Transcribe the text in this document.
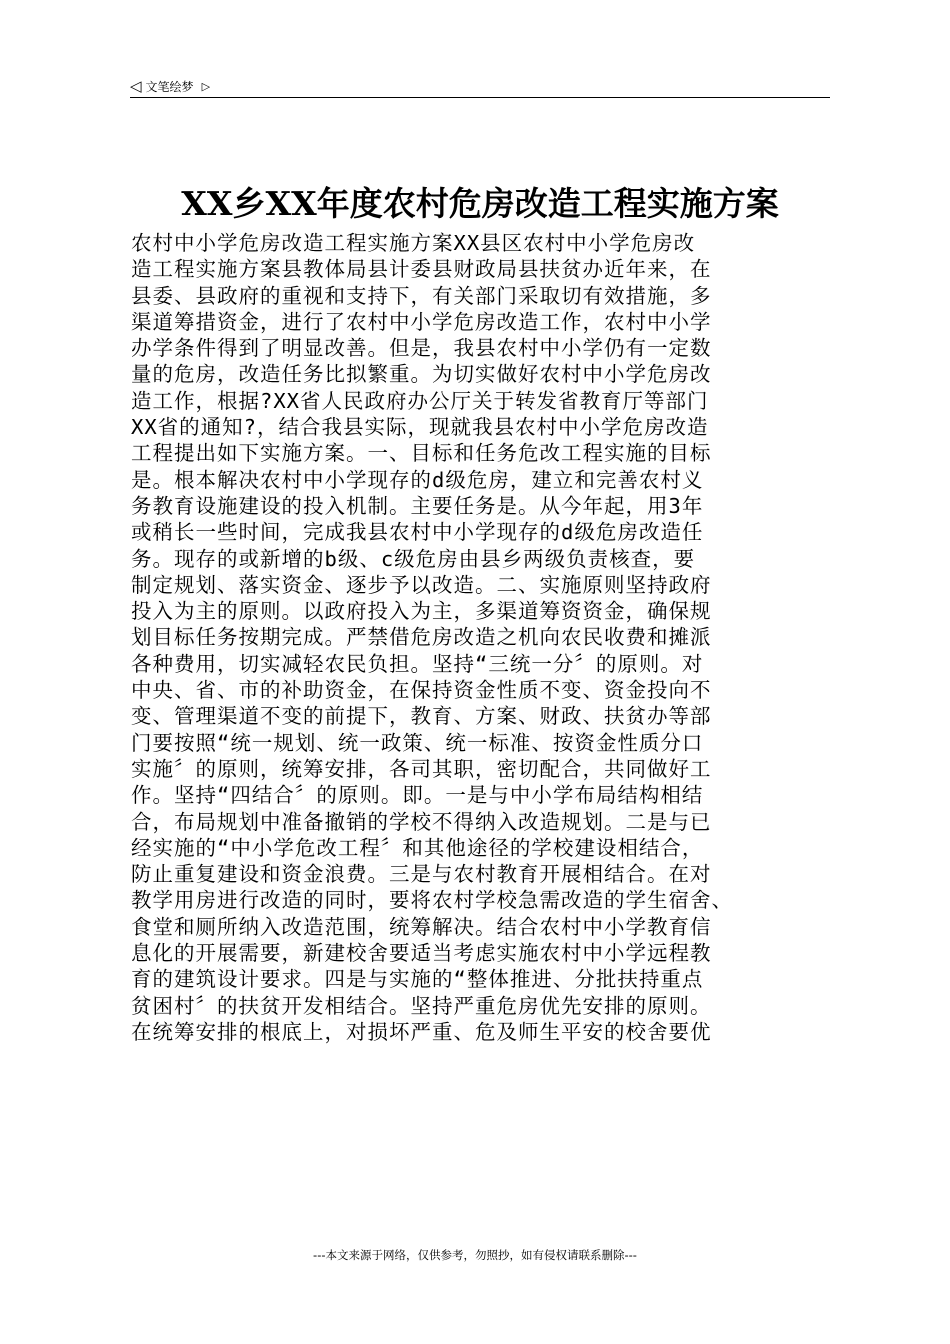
◁ 文笔绘梦 ▷
XX乡XX年度农村危房改造工程实施方案
农村中小学危房改造工程实施方案XX县区农村中小学危房改
造工程实施方案县教体局县计委县财政局县扶贫办近年来，在
县委、县政府的重视和支持下，有关部门采取切有效措施，多
渠道筹措资金，进行了农村中小学危房改造工作，农村中小学
办学条件得到了明显改善。但是，我县农村中小学仍有一定数
量的危房，改造任务比拟繁重。为切实做好农村中小学危房改
造工作，根据?XX省人民政府办公厅关于转发省教育厅等部门
XX省的通知?，结合我县实际，现就我县农村中小学危房改造
工程提出如下实施方案。一、目标和任务危改工程实施的目标
是。根本解决农村中小学现存的d级危房，建立和完善农村义
务教育设施建设的投入机制。主要任务是。从今年起，用3年
或稍长一些时间，完成我县农村中小学现存的d级危房改造任
务。现存的或新增的b级、c级危房由县乡两级负责核查，要
制定规划、落实资金、逐步予以改造。二、实施原则坚持政府
投入为主的原则。以政府投入为主，多渠道筹资资金，确保规
划目标任务按期完成。严禁借危房改造之机向农民收费和摊派
各种费用，切实减轻农民负担。坚持“三统一分〞的原则。对
中央、省、市的补助资金，在保持资金性质不变、资金投向不
变、管理渠道不变的前提下，教育、方案、财政、扶贫办等部
门要按照“统一规划、统一政策、统一标准、按资金性质分口
实施〞的原则，统筹安排，各司其职，密切配合，共同做好工
作。坚持“四结合〞的原则。即。一是与中小学布局结构相结
合，布局规划中准备撤销的学校不得纳入改造规划。二是与已
经实施的“中小学危改工程〞和其他途径的学校建设相结合，
防止重复建设和资金浪费。三是与农村教育开展相结合。在对
教学用房进行改造的同时，要将农村学校急需改造的学生宿舍、
食堂和厕所纳入改造范围，统筹解决。结合农村中小学教育信
息化的开展需要，新建校舍要适当考虑实施农村中小学远程教
育的建筑设计要求。四是与实施的“整体推进、分批扶持重点
贫困村〞的扶贫开发相结合。坚持严重危房优先安排的原则。
在统筹安排的根底上，对损坏严重、危及师生平安的校舍要优
---本文来源于网络，仅供参考，勿照抄，如有侵权请联系删除---
